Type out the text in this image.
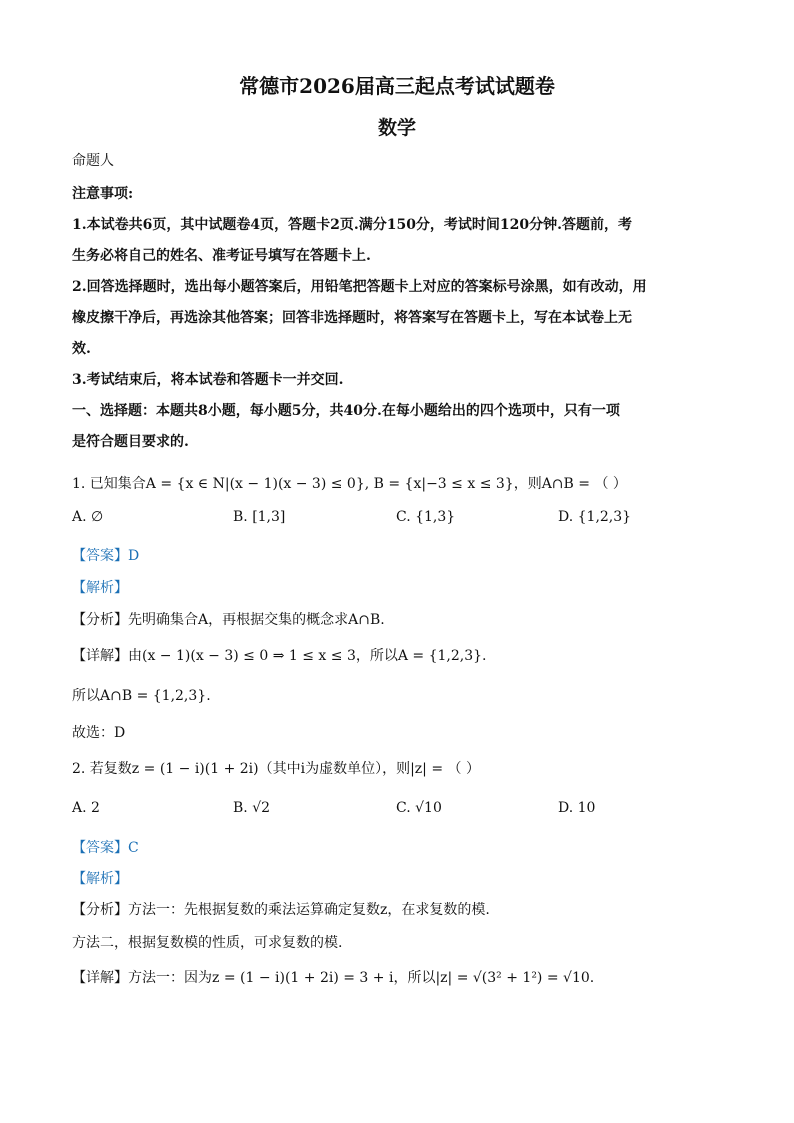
常德市2026届高三起点考试试题卷
数学
命题人
注意事项:
1.本试卷共6页，其中试题卷4页，答题卡2页.满分150分，考试时间120分钟.答题前，考
生务必将自己的姓名、准考证号填写在答题卡上.
2.回答选择题时，选出每小题答案后，用铅笔把答题卡上对应的答案标号涂黑，如有改动，用
橡皮擦干净后，再选涂其他答案；回答非选择题时，将答案写在答题卡上，写在本试卷上无
效.
3.考试结束后，将本试卷和答题卡一并交回.
一、选择题：本题共8小题，每小题5分，共40分.在每小题给出的四个选项中，只有一项
是符合题目要求的.
1. 已知集合A = {x ∈ N|(x − 1)(x − 3) ≤ 0}, B = {x|−3 ≤ x ≤ 3}，则A∩B = （ ）
A. ∅	B. [1,3]	C. {1,3}	D. {1,2,3}
【答案】D
【解析】
【分析】先明确集合A，再根据交集的概念求A∩B.
【详解】由(x − 1)(x − 3) ≤ 0 ⇒ 1 ≤ x ≤ 3，所以A = {1,2,3}.
所以A∩B = {1,2,3}.
故选：D
2. 若复数z = (1 − i)(1 + 2i)（其中i为虚数单位），则|z| = （ ）
A. 2	B. √2	C. √10	D. 10
【答案】C
【解析】
【分析】方法一：先根据复数的乘法运算确定复数z，在求复数的模.
方法二，根据复数模的性质，可求复数的模.
【详解】方法一：因为z = (1 − i)(1 + 2i) = 3 + i，所以|z| = √(3² + 1²) = √10.
